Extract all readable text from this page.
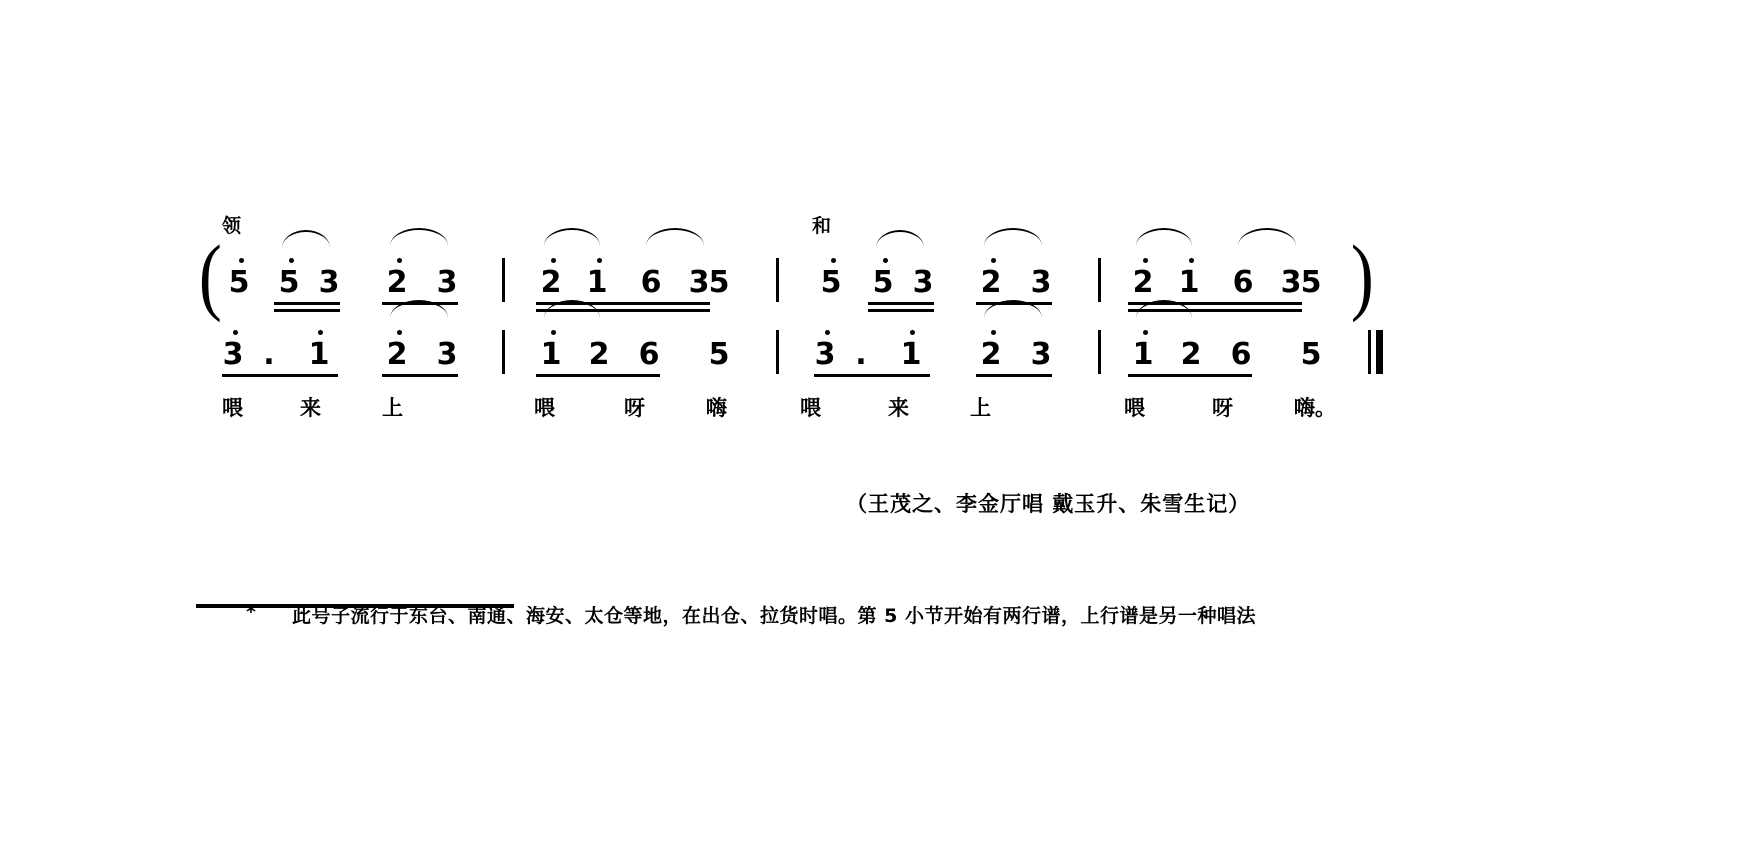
领	和
(	)
5 5 3 2 3	2 1 6 3 5	5 5 3 2 3	2 1 6 3 5
3 . 1 2 3	1 2 6 5	3 . 1 2 3	1 2 6 5
喂	来	上	喂	呀	嗨	喂	来	上	喂	呀	嗨。
（王茂之、李金厅唱 戴玉升、朱雪生记）
* 此号子流行于东台、南通、海安、太仓等地，在出仓、拉货时唱。第 5 小节开始有两行谱，上行谱是另一种唱法
